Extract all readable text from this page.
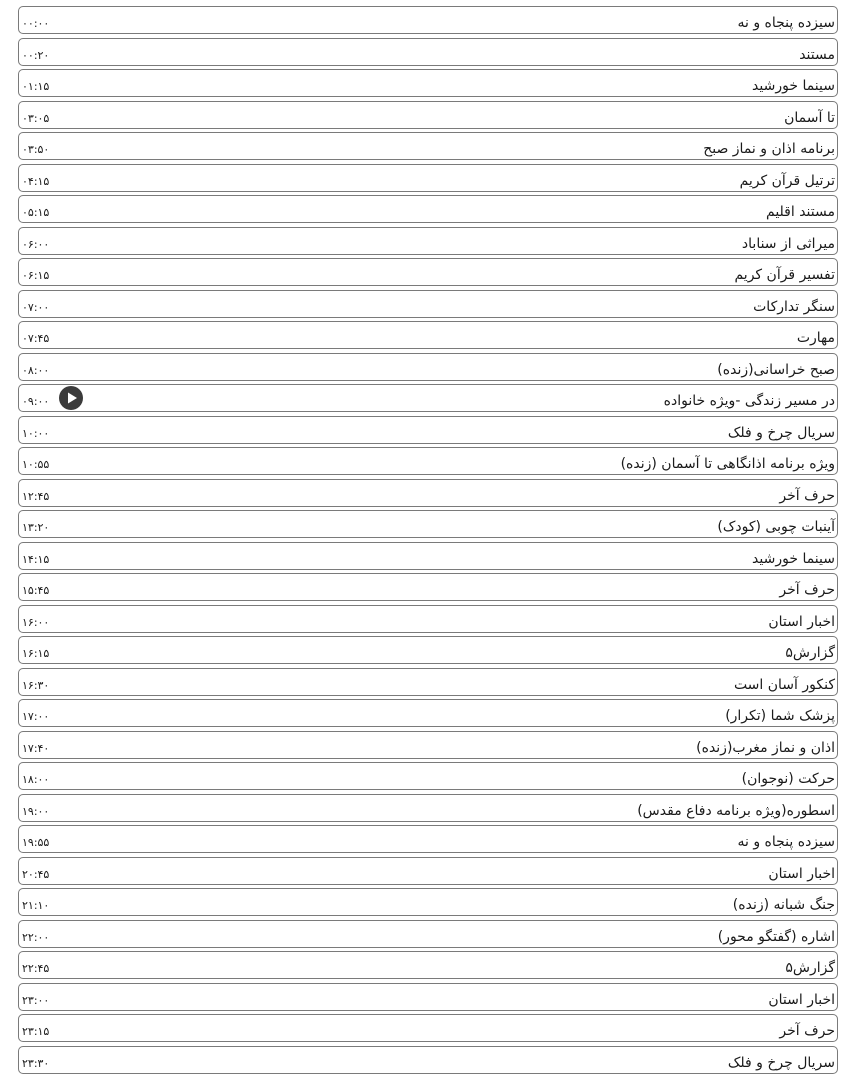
سیزده پنجاه و نه
۰۰:۰۰
مستند
۰۰:۲۰
سینما خورشید
۰۱:۱۵
تا آسمان
۰۳:۰۵
برنامه اذان و نماز صبح
۰۳:۵۰
ترتیل قرآن کریم
۰۴:۱۵
مستند اقلیم
۰۵:۱۵
میراثی از سناباد
۰۶:۰۰
تفسیر قرآن کریم
۰۶:۱۵
سنگر تدارکات
۰۷:۰۰
مهارت
۰۷:۴۵
صبح خراسانی(زنده)
۰۸:۰۰
در مسیر زندگی -ویژه خانواده
۰۹:۰۰
سریال چرخ و فلک
۱۰:۰۰
ویژه برنامه اذانگاهی تا آسمان (زنده)
۱۰:۵۵
حرف آخر
۱۲:۴۵
آینبات چوبی (کودک)
۱۳:۲۰
سینما خورشید
۱۴:۱۵
حرف آخر
۱۵:۴۵
اخبار استان
۱۶:۰۰
گزارش۵
۱۶:۱۵
کنکور آسان است
۱۶:۳۰
پزشک شما (تکرار)
۱۷:۰۰
اذان و نماز مغرب(زنده)
۱۷:۴۰
حرکت (نوجوان)
۱۸:۰۰
اسطوره(ویژه برنامه دفاع مقدس)
۱۹:۰۰
سیزده پنجاه و نه
۱۹:۵۵
اخبار استان
۲۰:۴۵
جنگ شبانه (زنده)
۲۱:۱۰
اشاره (گفتگو محور)
۲۲:۰۰
گزارش۵
۲۲:۴۵
اخبار استان
۲۳:۰۰
حرف آخر
۲۳:۱۵
سریال چرخ و فلک
۲۳:۳۰
